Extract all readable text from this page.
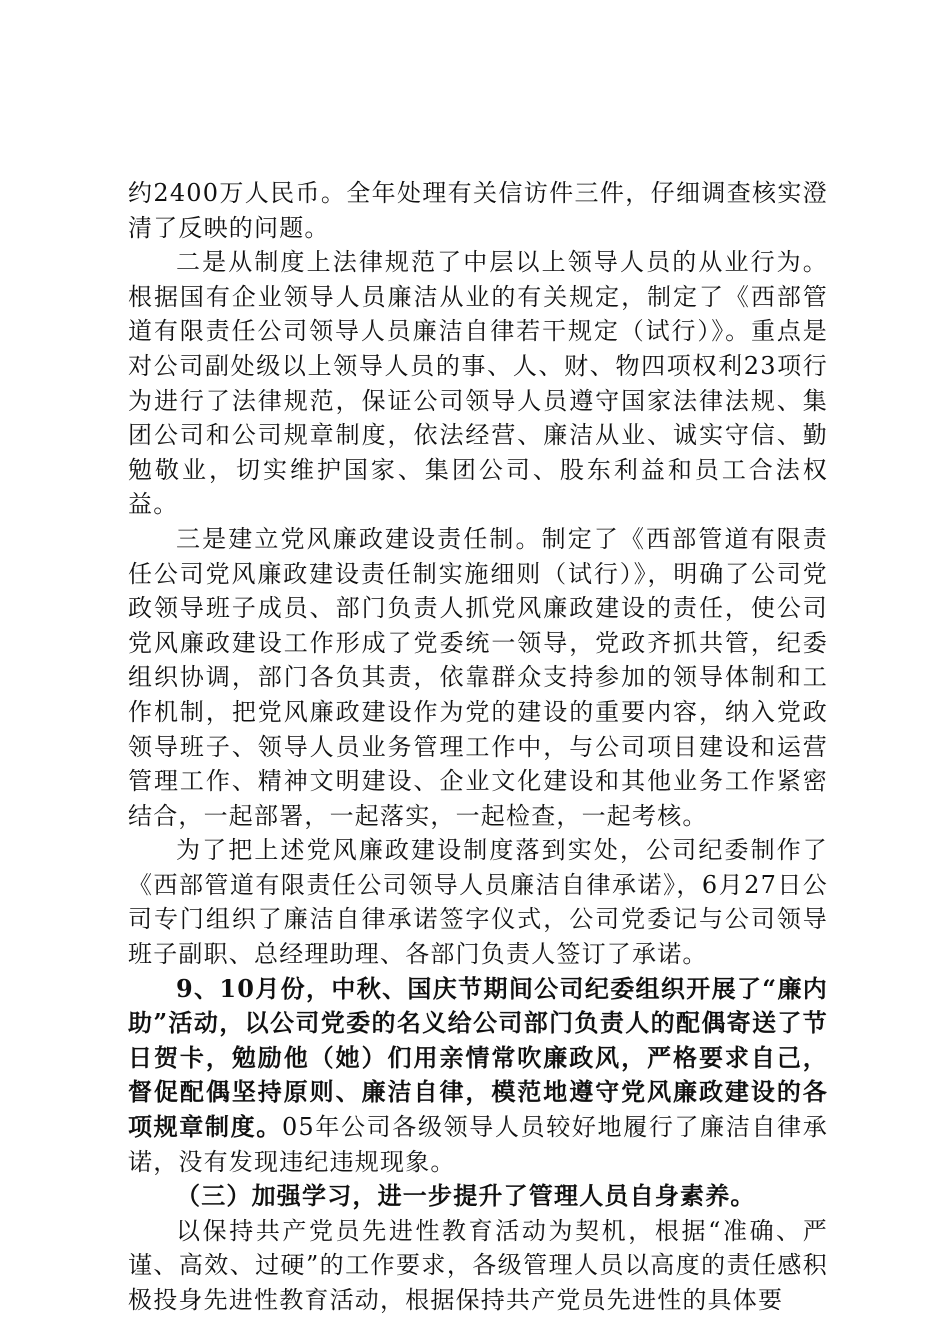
约2400万人民币。全年处理有关信访件三件，仔细调查核实澄清了反映的问题。

二是从制度上法律规范了中层以上领导人员的从业行为。根据国有企业领导人员廉洁从业的有关规定，制定了《西部管道有限责任公司领导人员廉洁自律若干规定（试行）》。重点是对公司副处级以上领导人员的事、人、财、物四项权利23项行为进行了法律规范，保证公司领导人员遵守国家法律法规、集团公司和公司规章制度，依法经营、廉洁从业、诚实守信、勤勉敬业，切实维护国家、集团公司、股东利益和员工合法权益。

三是建立党风廉政建设责任制。制定了《西部管道有限责任公司党风廉政建设责任制实施细则（试行）》，明确了公司党政领导班子成员、部门负责人抓党风廉政建设的责任，使公司党风廉政建设工作形成了党委统一领导，党政齐抓共管，纪委组织协调，部门各负其责，依靠群众支持参加的领导体制和工作机制，把党风廉政建设作为党的建设的重要内容，纳入党政领导班子、领导人员业务管理工作中，与公司项目建设和运营管理工作、精神文明建设、企业文化建设和其他业务工作紧密结合，一起部署，一起落实，一起检查，一起考核。

为了把上述党风廉政建设制度落到实处，公司纪委制作了《西部管道有限责任公司领导人员廉洁自律承诺》，6月27日公司专门组织了廉洁自律承诺签字仪式，公司党委记与公司领导班子副职、总经理助理、各部门负责人签订了承诺。

9、10月份，中秋、国庆节期间公司纪委组织开展了“廉内助”活动，以公司党委的名义给公司部门负责人的配偶寄送了节日贺卡，勉励他（她）们用亲情常吹廉政风，严格要求自己，督促配偶坚持原则、廉洁自律，模范地遵守党风廉政建设的各项规章制度。05年公司各级领导人员较好地履行了廉洁自律承诺，没有发现违纪违规现象。

（三）加强学习，进一步提升了管理人员自身素养。

以保持共产党员先进性教育活动为契机，根据“准确、严谨、高效、过硬”的工作要求，各级管理人员以高度的责任感积极投身先进性教育活动，根据保持共产党员先进性的具体要
